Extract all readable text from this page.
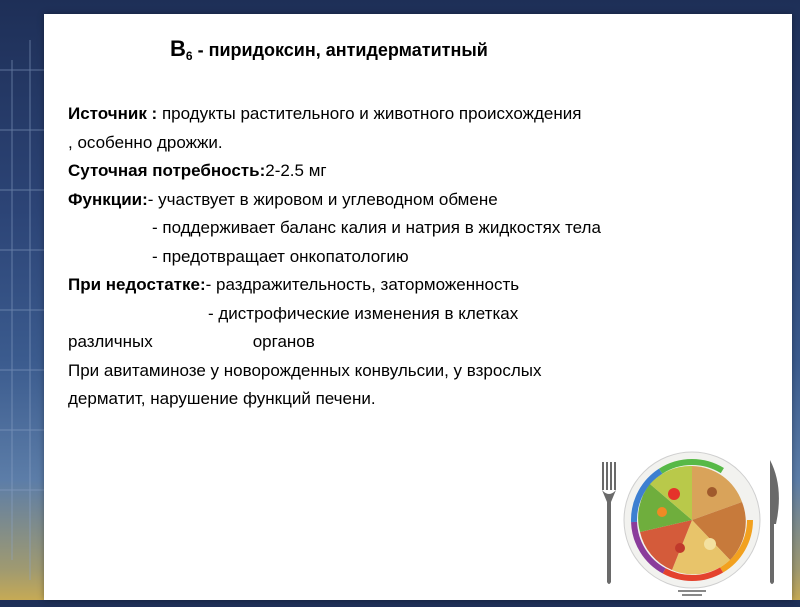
$В_6$ - пиридоксин, антидерматитный
Источник : продукты растительного и животного происхождения
, особенно дрожжи.
Суточная потребность:2-2.5 мг
Функции:- участвует в жировом и углеводном обмене
- поддерживает баланс калия и натрия в жидкостях тела
- предотвращает онкопатологию
При недостатке:- раздражительность, заторможенность
- дистрофические изменения в клетках
различных	органов
При авитаминозе у новорожденных конвульсии, у взрослых
дерматит, нарушение функций печени.
